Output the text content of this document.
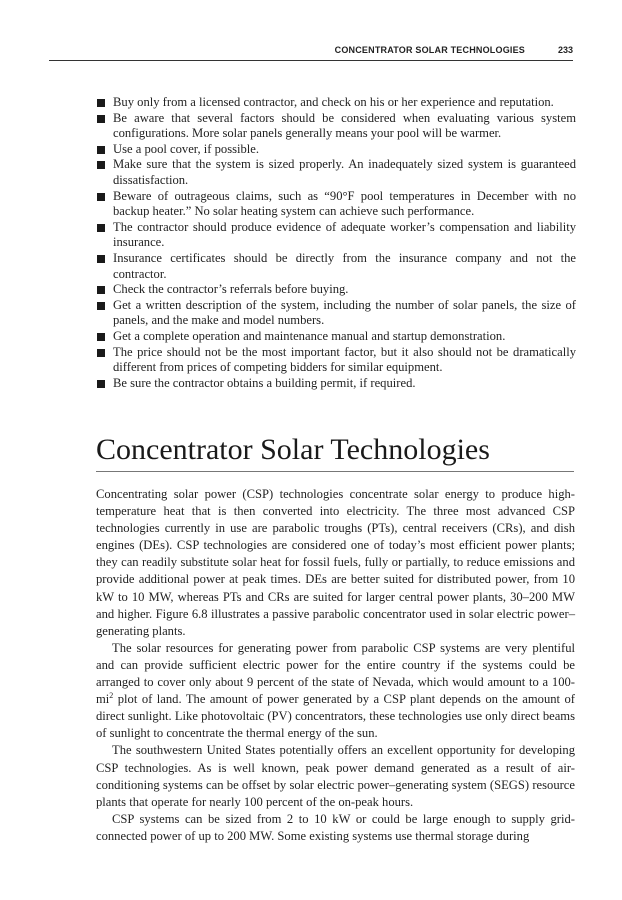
CONCENTRATOR SOLAR TECHNOLOGIES	233
Buy only from a licensed contractor, and check on his or her experience and reputation.
Be aware that several factors should be considered when evaluating various system configurations. More solar panels generally means your pool will be warmer.
Use a pool cover, if possible.
Make sure that the system is sized properly. An inadequately sized system is guaranteed dissatisfaction.
Beware of outrageous claims, such as “90°F pool temperatures in December with no backup heater.” No solar heating system can achieve such performance.
The contractor should produce evidence of adequate worker’s compensation and liability insurance.
Insurance certificates should be directly from the insurance company and not the contractor.
Check the contractor’s referrals before buying.
Get a written description of the system, including the number of solar panels, the size of panels, and the make and model numbers.
Get a complete operation and maintenance manual and startup demonstration.
The price should not be the most important factor, but it also should not be dramatically different from prices of competing bidders for similar equipment.
Be sure the contractor obtains a building permit, if required.
Concentrator Solar Technologies

Concentrating solar power (CSP) technologies concentrate solar energy to produce high-temperature heat that is then converted into electricity. The three most advanced CSP technologies currently in use are parabolic troughs (PTs), central receivers (CRs), and dish engines (DEs). CSP technologies are considered one of today’s most efficient power plants; they can readily substitute solar heat for fossil fuels, fully or partially, to reduce emissions and provide additional power at peak times. DEs are better suited for distributed power, from 10 kW to 10 MW, whereas PTs and CRs are suited for larger central power plants, 30–200 MW and higher. Figure 6.8 illustrates a passive parabolic concentrator used in solar electric power–generating plants.

The solar resources for generating power from parabolic CSP systems are very plentiful and can provide sufficient electric power for the entire country if the systems could be arranged to cover only about 9 percent of the state of Nevada, which would amount to a $100-mi^2$ plot of land. The amount of power generated by a CSP plant depends on the amount of direct sunlight. Like photovoltaic (PV) concentrators, these technologies use only direct beams of sunlight to concentrate the thermal energy of the sun.

The southwestern United States potentially offers an excellent opportunity for developing CSP technologies. As is well known, peak power demand generated as a result of air-conditioning systems can be offset by solar electric power–generating system (SEGS) resource plants that operate for nearly 100 percent of the on-peak hours.

CSP systems can be sized from 2 to 10 kW or could be large enough to supply grid-connected power of up to 200 MW. Some existing systems use thermal storage during
